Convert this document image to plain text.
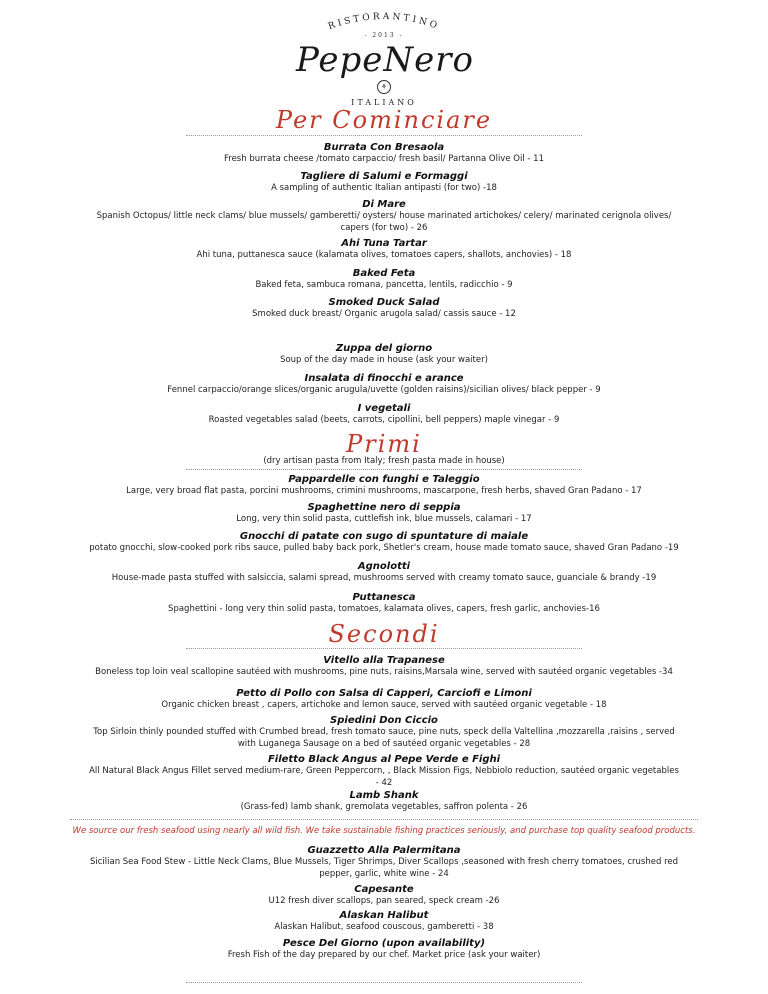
RISTORANTINO
- 2013 -
PepeNero
⚘
ITALIANO
Per Cominciare
Burrata Con Bresaola
Fresh burrata cheese /tomato carpaccio/ fresh basil/ Partanna Olive Oil - 11
Tagliere di Salumi e Formaggi
A sampling of authentic Italian antipasti (for two) -18
Di Mare
Spanish Octopus/ little neck clams/ blue mussels/ gamberetti/ oysters/ house marinated artichokes/ celery/ marinated cerignola olives/
capers (for two) - 26
Ahi Tuna Tartar
Ahi tuna, puttanesca sauce (kalamata olives, tomatoes capers, shallots, anchovies) - 18
Baked Feta
Baked feta, sambuca romana, pancetta, lentils, radicchio - 9
Smoked Duck Salad
Smoked duck breast/ Organic arugola salad/ cassis sauce - 12
Zuppa del giorno
Soup of the day made in house (ask your waiter)
Insalata di finocchi e arance
Fennel carpaccio/orange slices/organic arugula/uvette (golden raisins)/sicilian olives/ black pepper - 9
I vegetali
Roasted vegetables salad (beets, carrots, cipollini, bell peppers) maple vinegar - 9
Primi
(dry artisan pasta from Italy; fresh pasta made in house)
Pappardelle con funghi e Taleggio
Large, very broad flat pasta, porcini mushrooms, crimini mushrooms, mascarpone, fresh herbs, shaved Gran Padano - 17
Spaghettine nero di seppia
Long, very thin solid pasta, cuttlefish ink, blue mussels, calamari - 17
Gnocchi di patate con sugo di spuntature di maiale
potato gnocchi, slow-cooked pork ribs sauce, pulled baby back pork, Shetler's cream, house made tomato sauce, shaved Gran Padano -19
Agnolotti
House-made pasta stuffed with salsiccia, salami spread, mushrooms served with creamy tomato sauce, guanciale & brandy -19
Puttanesca
Spaghettini - long very thin solid pasta, tomatoes, kalamata olives, capers, fresh garlic, anchovies-16
Secondi
Vitello alla Trapanese
Boneless top loin veal scallopine sautéed with mushrooms, pine nuts, raisins,Marsala wine, served with sautéed organic vegetables -34
Petto di Pollo con Salsa di Capperi, Carciofi e Limoni
Organic chicken breast , capers, artichoke and lemon sauce, served with sautéed organic vegetable - 18
Spiedini Don Ciccio
Top Sirloin thinly pounded stuffed with Crumbed bread, fresh tomato sauce, pine nuts, speck della Valtellina ,mozzarella ,raisins , served
with Luganega Sausage on a bed of sautéed organic vegetables - 28
Filetto Black Angus al Pepe Verde e Fighi
All Natural Black Angus Fillet served medium-rare, Green Peppercorn, , Black Mission Figs, Nebbiolo reduction, sautéed organic vegetables
- 42
Lamb Shank
(Grass-fed) lamb shank, gremolata vegetables, saffron polenta - 26
We source our fresh seafood using nearly all wild fish. We take sustainable fishing practices seriously, and purchase top quality seafood products.
Guazzetto Alla Palermitana
Sicilian Sea Food Stew - Little Neck Clams, Blue Mussels, Tiger Shrimps, Diver Scallops ,seasoned with fresh cherry tomatoes, crushed red
pepper, garlic, white wine - 24
Capesante
U12 fresh diver scallops, pan seared, speck cream -26
Alaskan Halibut
Alaskan Halibut, seafood couscous, gamberetti - 38
Pesce Del Giorno (upon availability)
Fresh Fish of the day prepared by our chef. Market price (ask your waiter)
